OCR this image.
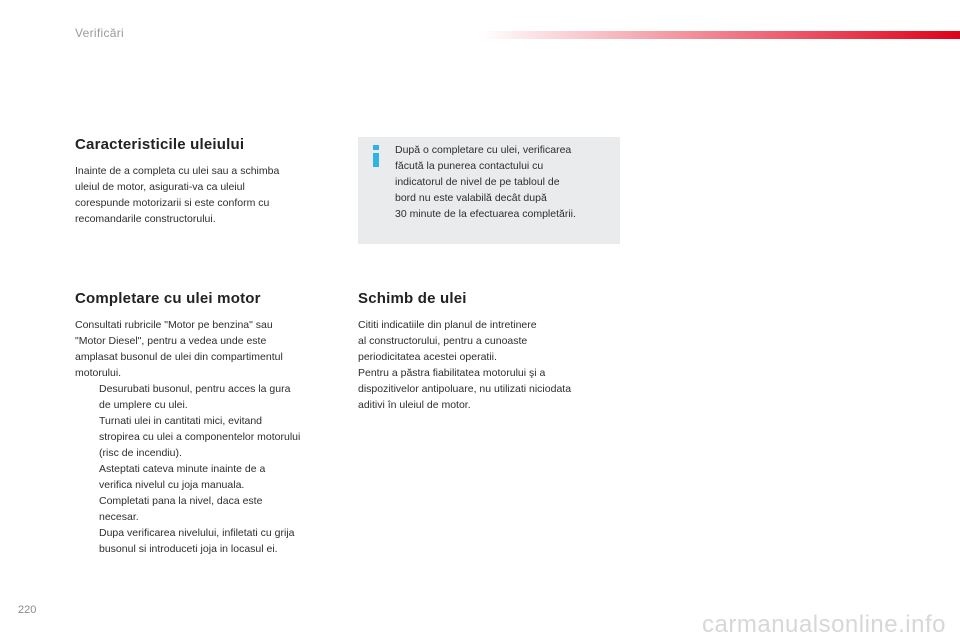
Verificări
Caracteristicile uleiului

Inainte de a completa cu ulei sau a schimba
uleiul de motor, asigurati-va ca uleiul
corespunde motorizarii si este conform cu
recomandarile constructorului.

După o completare cu ulei, verificarea
făcută la punerea contactului cu
indicatorul de nivel de pe tabloul de
bord nu este valabilă decât după
30 minute de la efectuarea completării.
Completare cu ulei motor

Consultati rubricile "Motor pe benzina" sau
"Motor Diesel", pentru a vedea unde este
amplasat busonul de ulei din compartimentul
motorului.

Desurubati busonul, pentru acces la gura
de umplere cu ulei.
Turnati ulei in cantitati mici, evitand
stropirea cu ulei a componentelor motorului
(risc de incendiu).
Asteptati cateva minute inainte de a
verifica nivelul cu joja manuala.
Completati pana la nivel, daca este
necesar.
Dupa verificarea nivelului, infiletati cu grija
busonul si introduceti joja in locasul ei.
Schimb de ulei

Cititi indicatiile din planul de intretinere
al constructorului, pentru a cunoaste
periodicitatea acestei operatii.
Pentru a păstra fiabilitatea motorului şi a
dispozitivelor antipoluare, nu utilizati niciodata
aditivi în uleiul de motor.

220
carmanualsonline.info
